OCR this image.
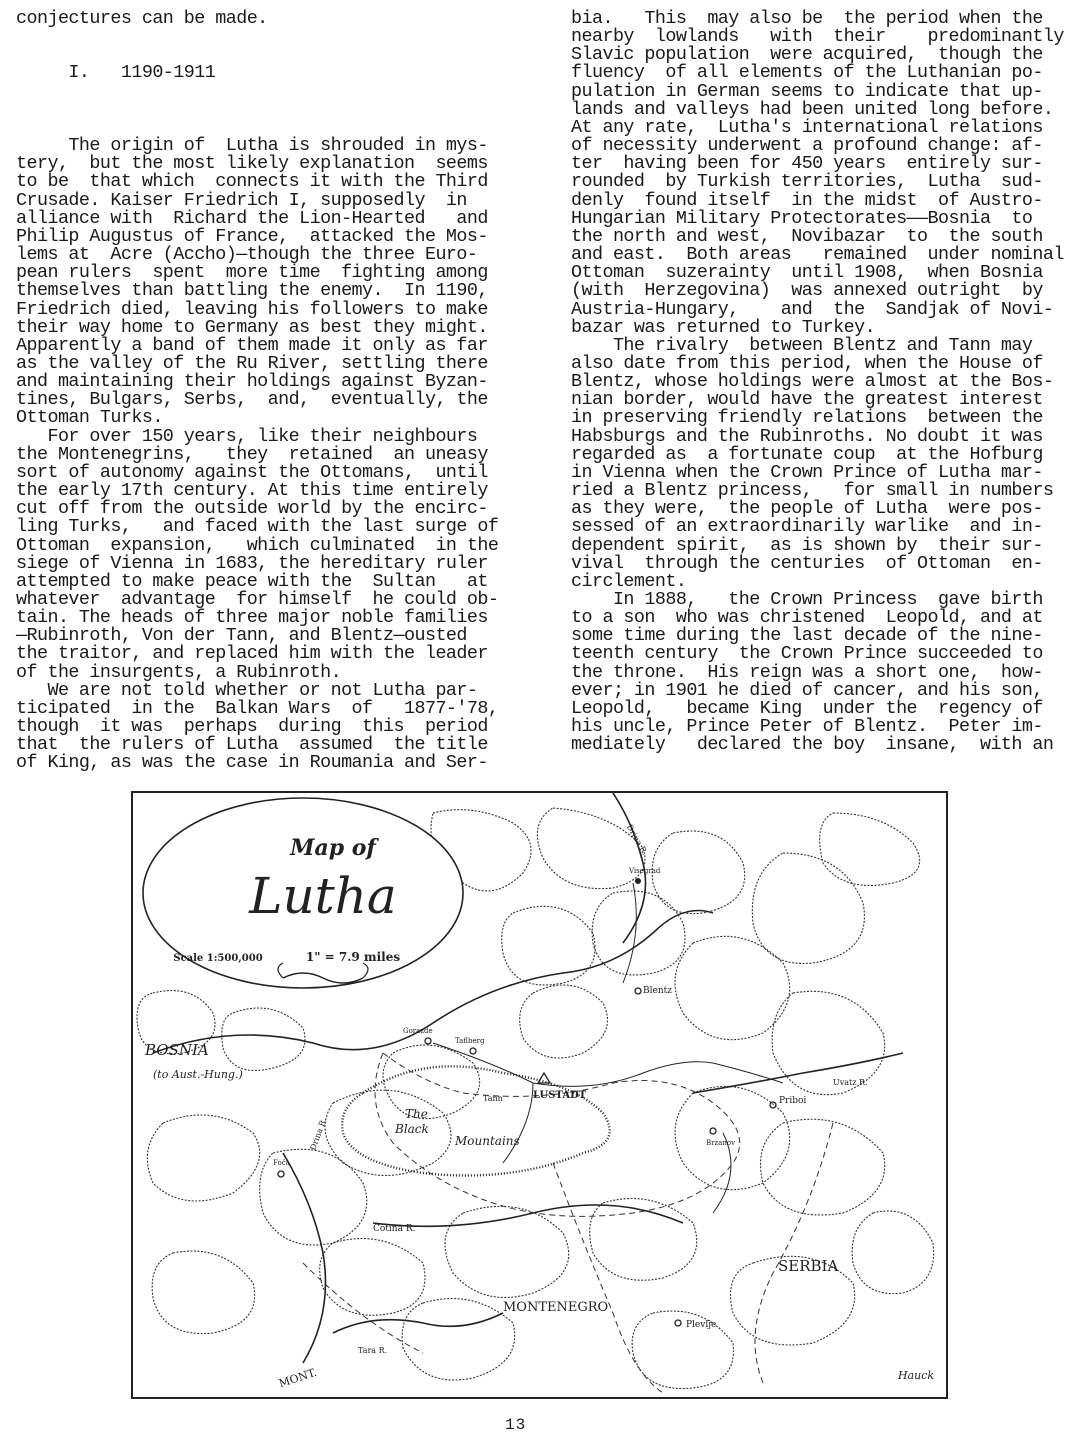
conjectures can be made.

I.   1190-1911

The origin of  Lutha is shrouded in mys-
tery,  but the most likely explanation  seems
to be  that which  connects it with the Third
Crusade. Kaiser Friedrich I, supposedly  in
alliance with  Richard the Lion-Hearted   and
Philip Augustus of France,  attacked the Mos-
lems at  Acre (Accho)—though the three Euro-
pean rulers  spent  more time  fighting among
themselves than battling the enemy.  In 1190,
Friedrich died, leaving his followers to make
their way home to Germany as best they might.
Apparently a band of them made it only as far
as the valley of the Ru River, settling there
and maintaining their holdings against Byzan-
tines, Bulgars, Serbs,  and,  eventually, the
Ottoman Turks.
For over 150 years, like their neighbours
the Montenegrins,   they  retained  an uneasy
sort of autonomy against the Ottomans,  until
the early 17th century. At this time entirely
cut off from the outside world by the encirc-
ling Turks,   and faced with the last surge of
Ottoman  expansion,   which culminated  in the
siege of Vienna in 1683, the hereditary ruler
attempted to make peace with the  Sultan   at
whatever  advantage  for himself  he could ob-
tain. The heads of three major noble families
—Rubinroth, Von der Tann, and Blentz—ousted
the traitor, and replaced him with the leader
of the insurgents, a Rubinroth.
We are not told whether or not Lutha par-
ticipated  in the  Balkan Wars  of   1877-'78,
though  it was  perhaps  during  this  period
that  the rulers of Lutha  assumed  the title
of King, as was the case in Roumania and Ser-
bia.   This  may also be  the period when the
nearby  lowlands   with  their    predominantly
Slavic population  were acquired,  though the
fluency  of all elements of the Luthanian po-
pulation in German seems to indicate that up-
lands and valleys had been united long before.
At any rate,  Lutha's international relations
of necessity underwent a profound change: af-
ter  having been for 450 years  entirely sur-
rounded  by Turkish territories,  Lutha  sud-
denly  found itself  in the midst  of Austro-
Hungarian Military Protectorates——Bosnia  to
the north and west,  Novibazar  to  the south
and east.  Both areas   remained  under nominal
Ottoman  suzerainty  until 1908,  when Bosnia
(with  Herzegovina)  was annexed outright  by
Austria-Hungary,    and  the  Sandjak of Novi-
bazar was returned to Turkey.
The rivalry  between Blentz and Tann may
also date from this period, when the House of
Blentz, whose holdings were almost at the Bos-
nian border, would have the greatest interest
in preserving friendly relations  between the
Habsburgs and the Rubinroths. No doubt it was
regarded as  a fortunate coup  at the Hofburg
in Vienna when the Crown Prince of Lutha mar-
ried a Blentz princess,   for small in numbers
as they were,  the people of Lutha  were pos-
sessed of an extraordinarily warlike  and in-
dependent spirit,  as is shown by  their sur-
vival  through the centuries  of Ottoman  en-
circlement.
In 1888,   the Crown Princess  gave birth
to a son  who was christened  Leopold, and at
some time during the last decade of the nine-
teenth century  the Crown Prince succeeded to
the throne.  His reign was a short one,  how-
ever; in 1901 he died of cancer, and his son,
Leopold,   became King  under the  regency of
his uncle, Prince Peter of Blentz.  Peter im-
mediately   declared the boy  insane,  with an
Map of
Lutha
Scale 1:500,000	1" = 7.9 miles
BOSNIA
(to Aust.-Hung.)
SERBIA
MONTENEGRO
MONT.
The
Black
Mountains
LUSTADT
Tann
Blentz
Visegrad
Taflberg
Gorazde
Foča
Priboi
Plevlje
Brzanov
Drina R.
Drina R.
Cotina R.
Uvatz R.
Tara R.
Hauck
13
